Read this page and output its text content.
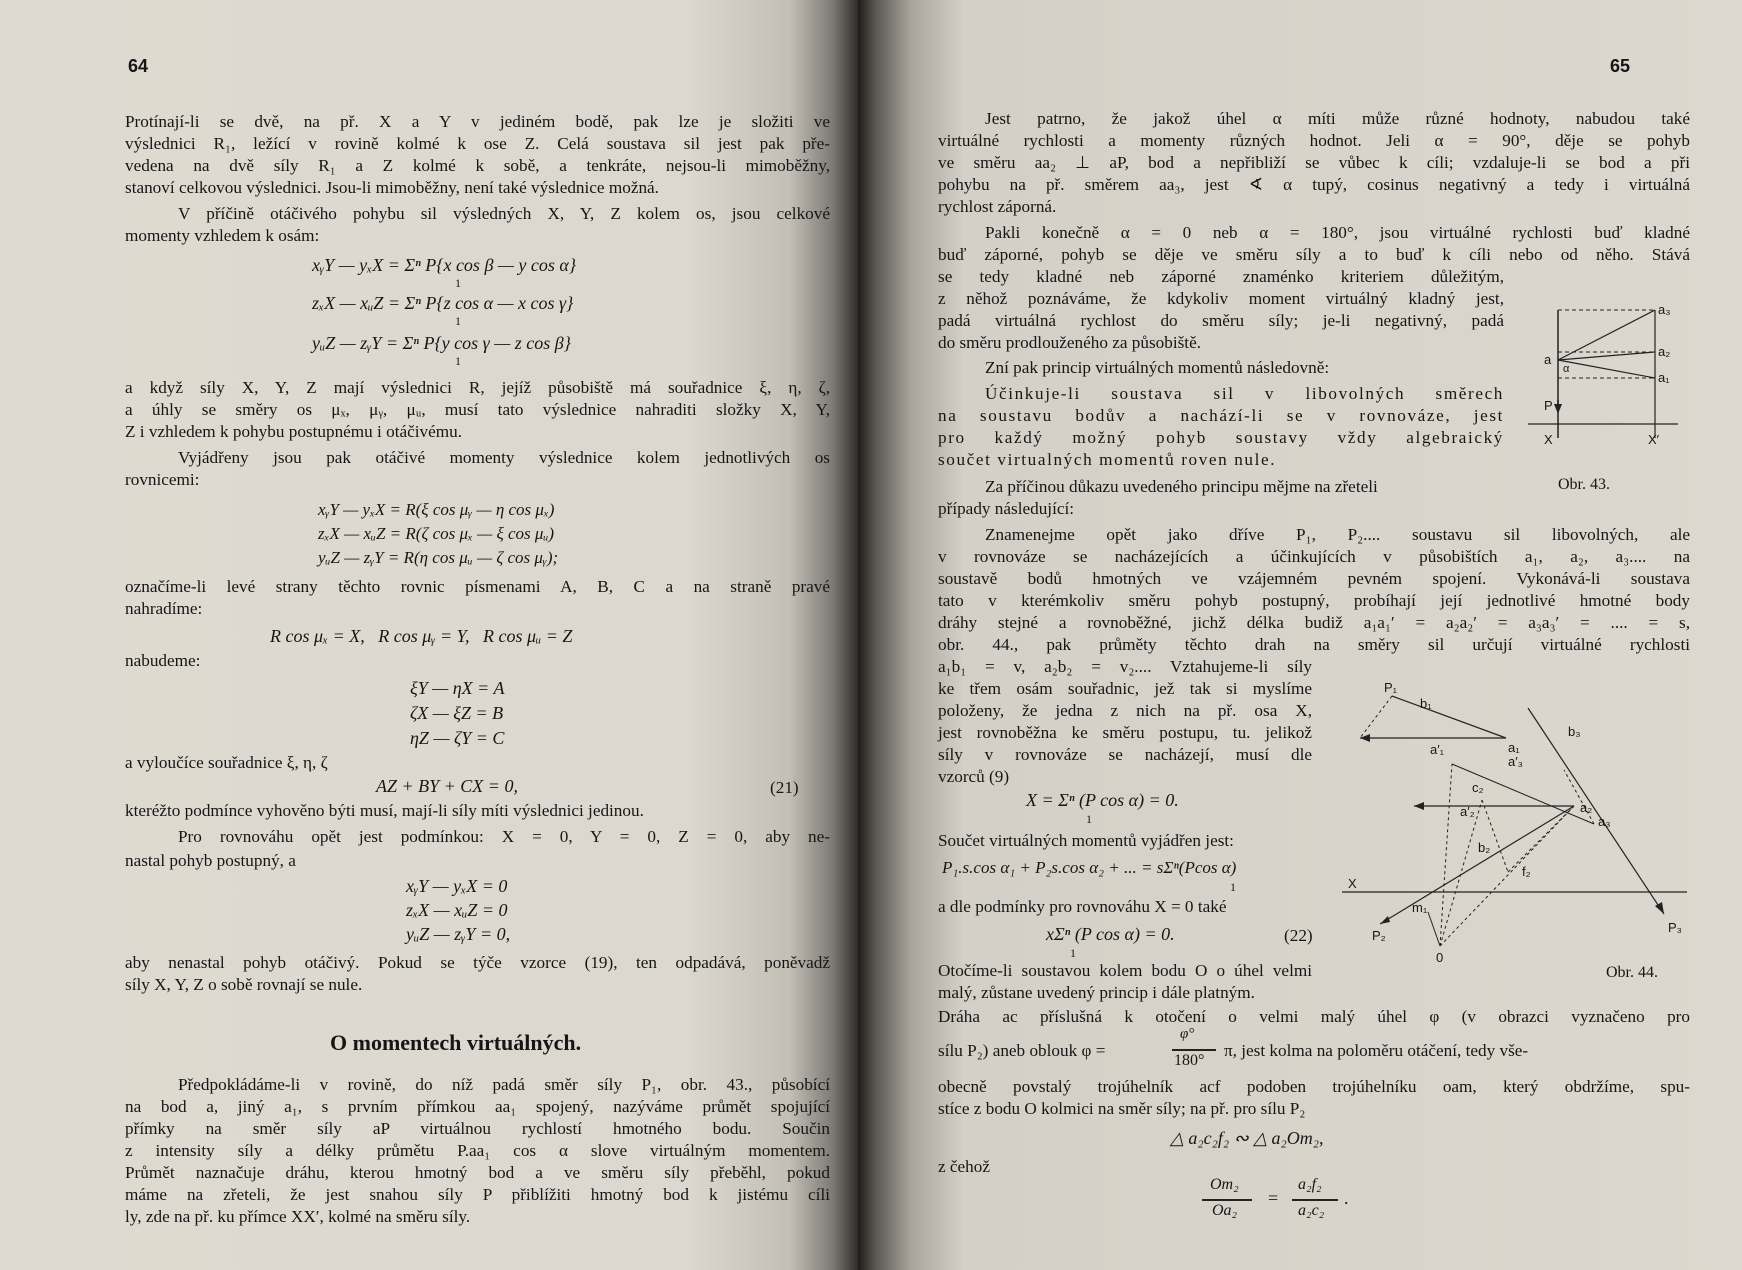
64
Protínají-li se dvě, na př. X a Y v jediném bodě, pak lze je složiti ve
výslednici R₁, ležící v rovině kolmé k ose Z. Celá soustava sil jest pak pře-
vedena na dvě síly R₁ a Z kolmé k sobě, a tenkráte, nejsou-li mimoběžny,
stanoví celkovou výslednici. Jsou-li mimoběžny, není také výslednice možná.
V příčině otáčivého pohybu sil výsledných X, Y, Z kolem os, jsou celkové
momenty vzhledem k osám:
xᵧY — yₓX = Σⁿ P{x cos β — y cos α}
1
zₓX — xᵤZ = Σⁿ P{z cos α — x cos γ}
1
yᵤZ — zᵧY = Σⁿ P{y cos γ — z cos β}
1
a když síly X, Y, Z mají výslednici R, jejíž působiště má souřadnice ξ, η, ζ,
a úhly se směry os μₓ, μᵧ, μᵤ, musí tato výslednice nahraditi složky X, Y,
Z i vzhledem k pohybu postupnému i otáčivému.
Vyjádřeny jsou pak otáčivé momenty výslednice kolem jednotlivých os
rovnicemi:
xᵧY — yₓX = R(ξ cos μᵧ — η cos μₓ)
zₓX — xᵤZ = R(ζ cos μₓ — ξ cos μᵤ)
yᵤZ — zᵧY = R(η cos μᵤ — ζ cos μᵧ);
označíme-li levé strany těchto rovnic písmenami A, B, C a na straně pravé
nahradíme:
R cos μₓ = X,   R cos μᵧ = Y,   R cos μᵤ = Z
nabudeme:
ξY — ηX = A
ζX — ξZ = B
ηZ — ζY = C
a vyloučíce souřadnice ξ, η, ζ
AZ + BY + CX = 0,	(21)
kteréžto podmínce vyhověno býti musí, mají-li síly míti výslednici jedinou.
Pro rovnováhu opět jest podmínkou: X = 0, Y = 0, Z = 0, aby ne-
nastal pohyb postupný, a
xᵧY — yₓX = 0
zₓX — xᵤZ = 0
yᵤZ — zᵧY = 0,
aby nenastal pohyb otáčivý. Pokud se týče vzorce (19), ten odpadává, poněvadž
síly X, Y, Z o sobě rovnají se nule.
O momentech virtuálných.
Předpokládáme-li v rovině, do níž padá směr síly P₁, obr. 43., působící
na bod a, jiný a₁, s prvním přímkou aa₁ spojený, nazýváme průmět spojující
přímky na směr síly aP virtuálnou rychlostí hmotného bodu. Součin
z intensity síly a délky průmětu P.aa₁ cos α slove virtuálným momentem.
Průmět naznačuje dráhu, kterou hmotný bod a ve směru síly přeběhl, pokud
máme na zřeteli, že jest snahou síly P přiblížiti hmotný bod k jistému cíli
ly, zde na př. ku přímce XX′, kolmé na směru síly.
65
Jest patrno, že jakož úhel α míti může různé hodnoty, nabudou také
virtuálné rychlosti a momenty různých hodnot. Jeli α = 90°, děje se pohyb
ve směru aa₂ ⊥ aP, bod a nepřibliží se vůbec k cíli; vzdaluje-li se bod a při
pohybu na př. směrem aa₃, jest ∢ α tupý, cosinus negativný a tedy i virtuálná
rychlost záporná.
Pakli konečně α = 0 neb α = 180°, jsou virtuálné rychlosti buď kladné
buď záporné, pohyb se děje ve směru síly a to buď k cíli nebo od něho. Stává
se tedy kladné neb záporné znaménko kriteriem důležitým,
z něhož poznáváme, že kdykoliv moment virtuálný kladný jest,
padá virtuálná rychlost do směru síly; je-li negativný, padá
do směru prodlouženého za působiště.
Zní pak princip virtuálných momentů následovně:
Účinkuje-li soustava sil v libovolných směrech
na soustavu bodův a nachází-li se v rovnováze, jest
pro každý možný pohyb soustavy vždy algebraický
součet virtualných momentů roven nule.
Za příčinou důkazu uvedeného principu mějme na zřeteli
případy následující:
a
α
a₃
a₂
a₁
P
X	X′
Obr. 43.
Znamenejme opět jako dříve P₁, P₂.... soustavu sil libovolných, ale
v rovnováze se nacházejících a účinkujících v působištích a₁, a₂, a₃.... na
soustavě bodů hmotných ve vzájemném pevném spojení. Vykonává-li soustava
tato v kterémkoliv směru pohyb postupný, probíhají její jednotlivé hmotné body
dráhy stejné a rovnoběžné, jichž délka budiž a₁a₁′ = a₂a₂′ = a₃a₃′ = .... = s,
obr. 44., pak průměty těchto drah na směry sil určují virtuálné rychlosti
a₁b₁ = v, a₂b₂ = v₂.... Vztahujeme-li síly
ke třem osám souřadnic, jež tak si myslíme
položeny, že jedna z nich na př. osa X,
jest rovnoběžna ke směru postupu, tu. jelikož
síly v rovnováze se nacházejí, musí dle
vzorců (9)
X = Σⁿ (P cos α) = 0.
1
Součet virtuálných momentů vyjádřen jest:
P₁.s.cos α₁ + P₂s.cos α₂ + ... = sΣⁿ(Pcos α)
1
a dle podmínky pro rovnováhu X = 0 také
xΣⁿ (P cos α) = 0.
1
(22)
P₁
b₁
a′₁	a₁
b₃
a′₃
a₃
P₃
c₂
a′₂	a₂
b₂
f₂
X
m₁
P₂
0
Obr. 44.
Otočíme-li soustavou kolem bodu O o úhel velmi
malý, zůstane uvedený princip i dále platným.
Dráha ac příslušná k otočení o velmi malý úhel φ (v obrazci vyznačeno pro
sílu P₂) aneb oblouk φ =
φ°
180°
π, jest kolma na poloměru otáčení, tedy vše-
obecně povstalý trojúhelník acf podoben trojúhelníku oam, který obdržíme, spu-
stíce z bodu O kolmici na směr síly; na př. pro sílu P₂
△ a₂c₂f₂ ∾ △ a₂Om₂,
z čehož
Om₂
Oa₂
=
a₂f₂
a₂c₂
.
